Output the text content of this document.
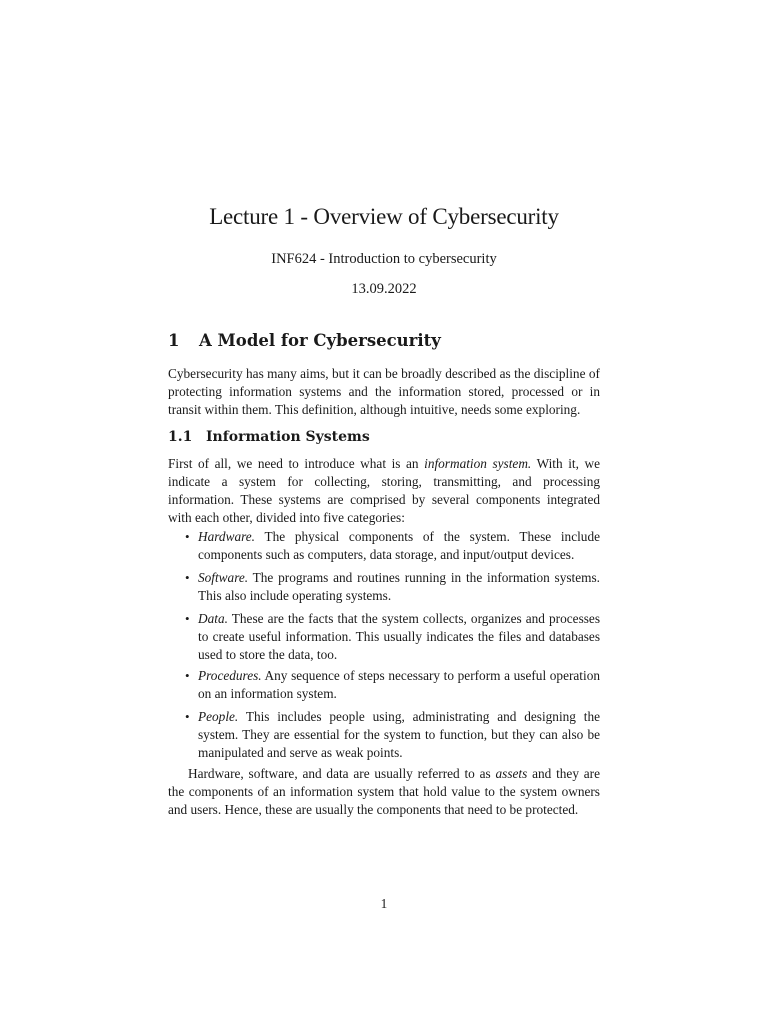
Lecture 1 - Overview of Cybersecurity
INF624 - Introduction to cybersecurity
13.09.2022
1 A Model for Cybersecurity
Cybersecurity has many aims, but it can be broadly described as the discipline of protecting information systems and the information stored, processed or in transit within them. This definition, although intuitive, needs some exploring.
1.1 Information Systems
First of all, we need to introduce what is an information system. With it, we indicate a system for collecting, storing, transmitting, and processing information. These systems are comprised by several components integrated with each other, divided into five categories:
• Hardware. The physical components of the system. These include components such as computers, data storage, and input/output devices.
• Software. The programs and routines running in the information systems. This also include operating systems.
• Data. These are the facts that the system collects, organizes and processes to create useful information. This usually indicates the files and databases used to store the data, too.
• Procedures. Any sequence of steps necessary to perform a useful operation on an information system.
• People. This includes people using, administrating and designing the system. They are essential for the system to function, but they can also be manipulated and serve as weak points.
Hardware, software, and data are usually referred to as assets and they are the components of an information system that hold value to the system owners and users. Hence, these are usually the components that need to be protected.
1
